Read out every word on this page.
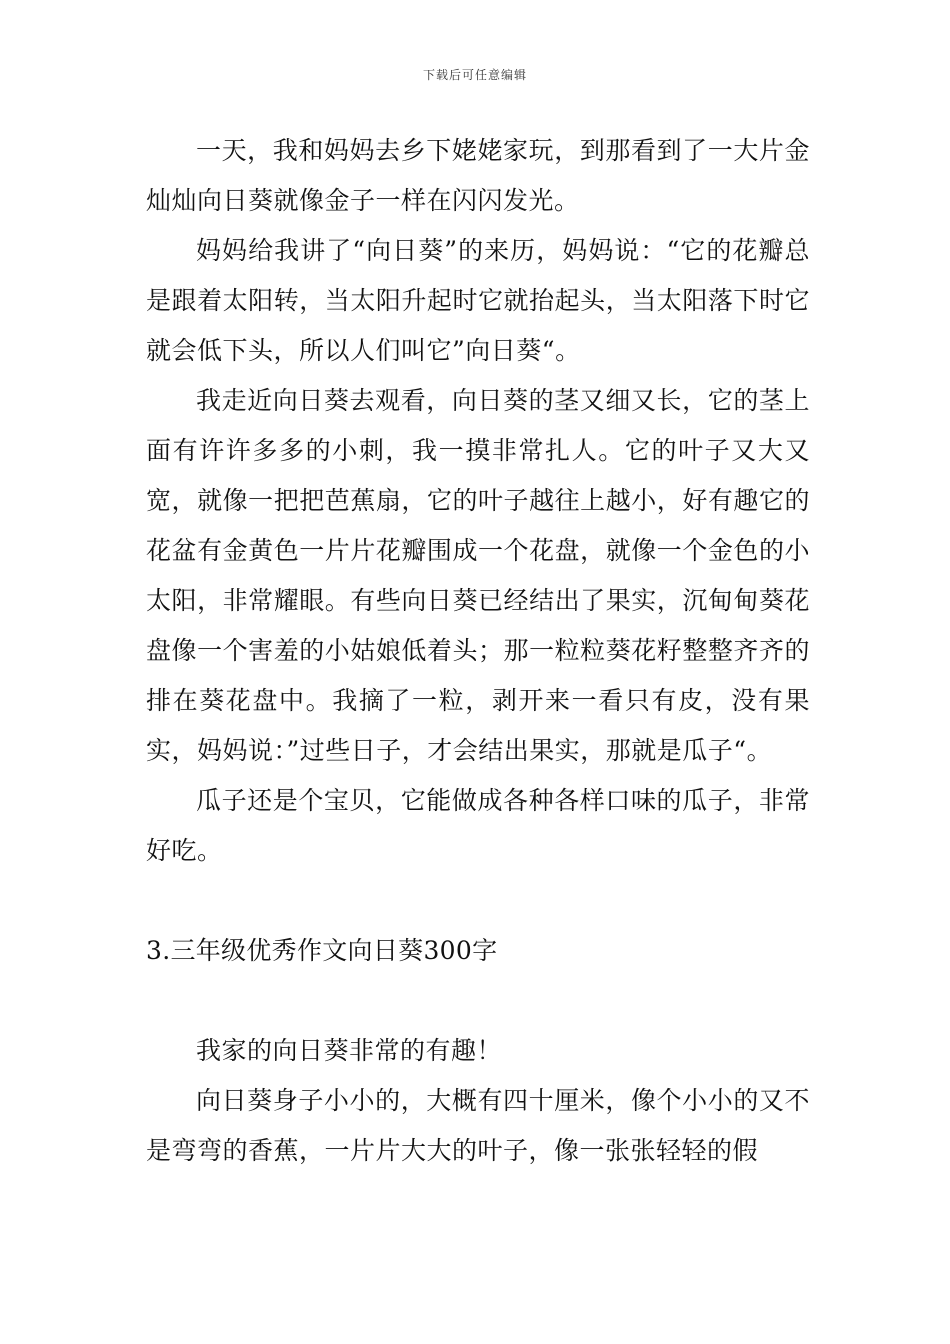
下载后可任意编辑

一天，我和妈妈去乡下姥姥家玩，到那看到了一大片金灿灿向日葵就像金子一样在闪闪发光。

妈妈给我讲了“向日葵”的来历，妈妈说：“它的花瓣总是跟着太阳转，当太阳升起时它就抬起头，当太阳落下时它就会低下头，所以人们叫它”向日葵“。

我走近向日葵去观看，向日葵的茎又细又长，它的茎上面有许许多多的小刺，我一摸非常扎人。它的叶子又大又宽，就像一把把芭蕉扇，它的叶子越往上越小，好有趣它的花盆有金黄色一片片花瓣围成一个花盘，就像一个金色的小太阳，非常耀眼。有些向日葵已经结出了果实，沉甸甸葵花盘像一个害羞的小姑娘低着头；那一粒粒葵花籽整整齐齐的排在葵花盘中。我摘了一粒，剥开来一看只有皮，没有果实，妈妈说：”过些日子，才会结出果实，那就是瓜子“。

瓜子还是个宝贝，它能做成各种各样口味的瓜子，非常好吃。

3.三年级优秀作文向日葵300字

我家的向日葵非常的有趣！

向日葵身子小小的，大概有四十厘米，像个小小的又不是弯弯的香蕉，一片片大大的叶子，像一张张轻轻的假
